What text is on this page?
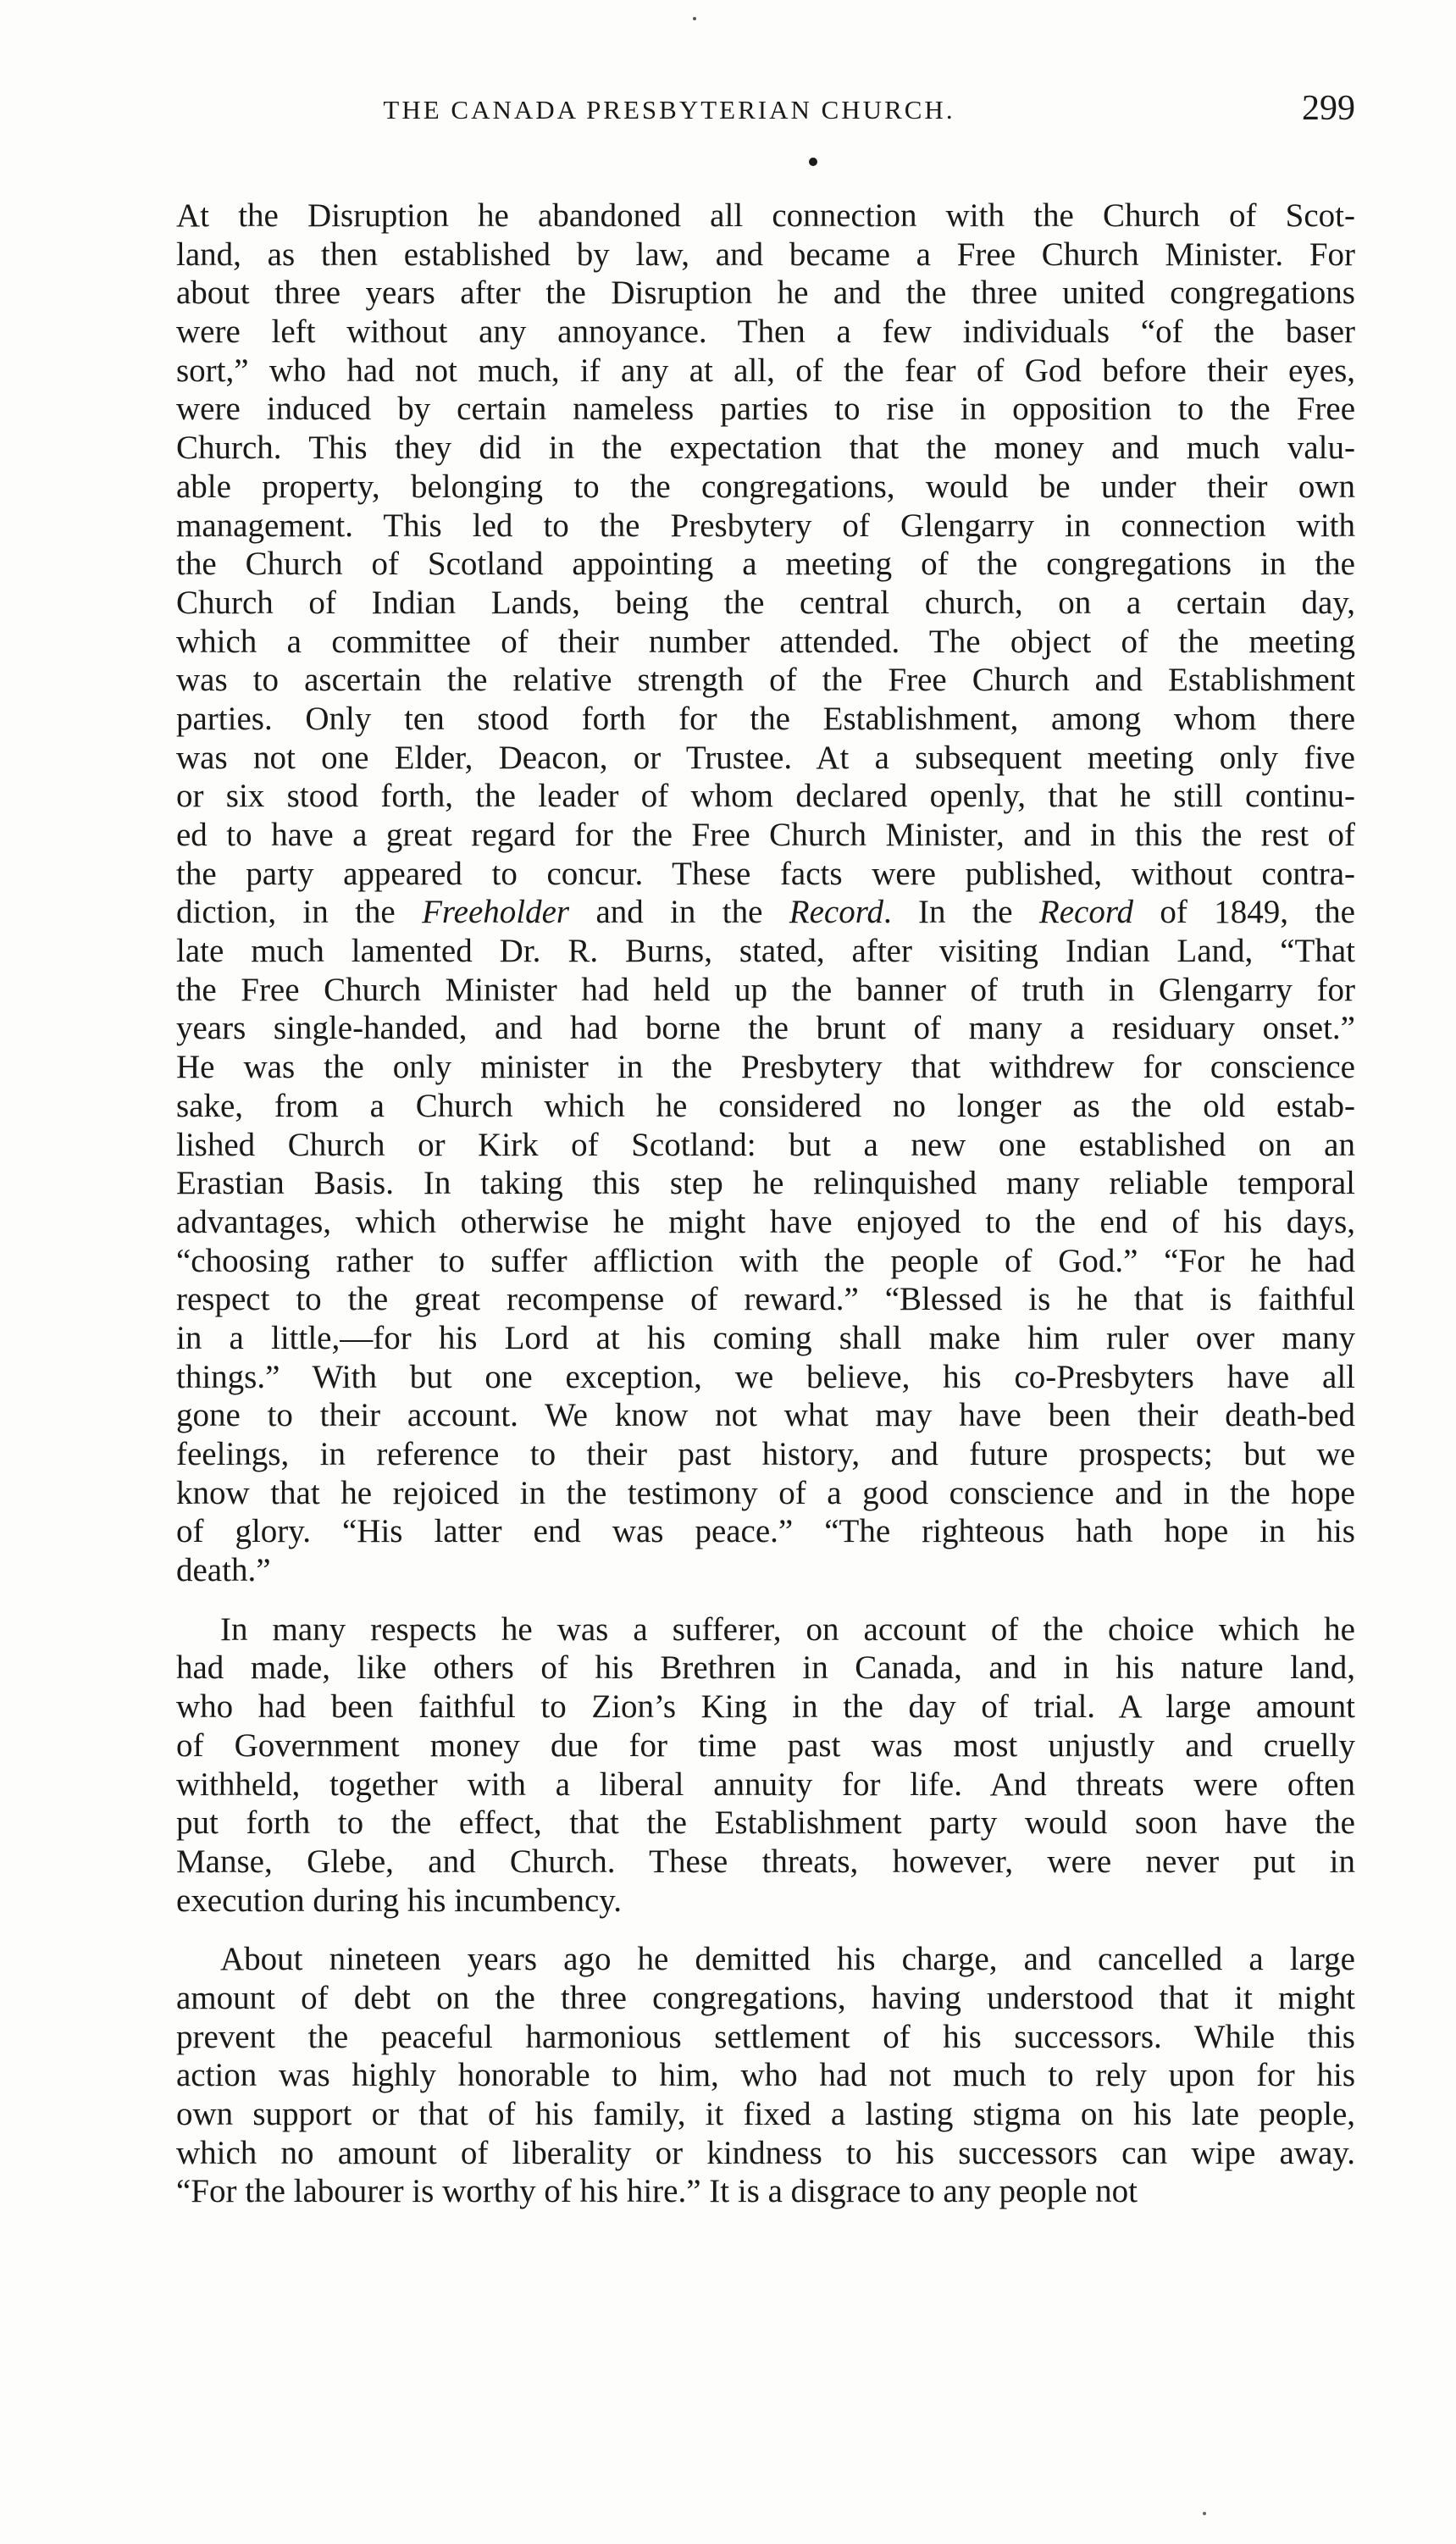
THE CANADA PRESBYTERIAN CHURCH.	299
At the Disruption he abandoned all connection with the Church of Scot-
land, as then established by law, and became a Free Church Minister. For
about three years after the Disruption he and the three united congregations
were left without any annoyance. Then a few individuals “of the baser
sort,” who had not much, if any at all, of the fear of God before their eyes,
were induced by certain nameless parties to rise in opposition to the Free
Church. This they did in the expectation that the money and much valu-
able property, belonging to the congregations, would be under their own
management. This led to the Presbytery of Glengarry in connection with
the Church of Scotland appointing a meeting of the congregations in the
Church of Indian Lands, being the central church, on a certain day,
which a committee of their number attended. The object of the meeting
was to ascertain the relative strength of the Free Church and Establishment
parties. Only ten stood forth for the Establishment, among whom there
was not one Elder, Deacon, or Trustee. At a subsequent meeting only five
or six stood forth, the leader of whom declared openly, that he still continu-
ed to have a great regard for the Free Church Minister, and in this the rest of
the party appeared to concur. These facts were published, without contra-
diction, in the Freeholder and in the Record. In the Record of 1849, the
late much lamented Dr. R. Burns, stated, after visiting Indian Land, “That
the Free Church Minister had held up the banner of truth in Glengarry for
years single-handed, and had borne the brunt of many a residuary onset.”
He was the only minister in the Presbytery that withdrew for conscience
sake, from a Church which he considered no longer as the old estab-
lished Church or Kirk of Scotland: but a new one established on an
Erastian Basis. In taking this step he relinquished many reliable temporal
advantages, which otherwise he might have enjoyed to the end of his days,
“choosing rather to suffer affliction with the people of God.” “For he had
respect to the great recompense of reward.” “Blessed is he that is faithful
in a little,—for his Lord at his coming shall make him ruler over many
things.” With but one exception, we believe, his co-Presbyters have all
gone to their account. We know not what may have been their death-bed
feelings, in reference to their past history, and future prospects; but we
know that he rejoiced in the testimony of a good conscience and in the hope
of glory. “His latter end was peace.” “The righteous hath hope in his
death.”
In many respects he was a sufferer, on account of the choice which he
had made, like others of his Brethren in Canada, and in his nature land,
who had been faithful to Zion’s King in the day of trial. A large amount
of Government money due for time past was most unjustly and cruelly
withheld, together with a liberal annuity for life. And threats were often
put forth to the effect, that the Establishment party would soon have the
Manse, Glebe, and Church. These threats, however, were never put in
execution during his incumbency.
About nineteen years ago he demitted his charge, and cancelled a large
amount of debt on the three congregations, having understood that it might
prevent the peaceful harmonious settlement of his successors. While this
action was highly honorable to him, who had not much to rely upon for his
own support or that of his family, it fixed a lasting stigma on his late people,
which no amount of liberality or kindness to his successors can wipe away.
“For the labourer is worthy of his hire.” It is a disgrace to any people not
